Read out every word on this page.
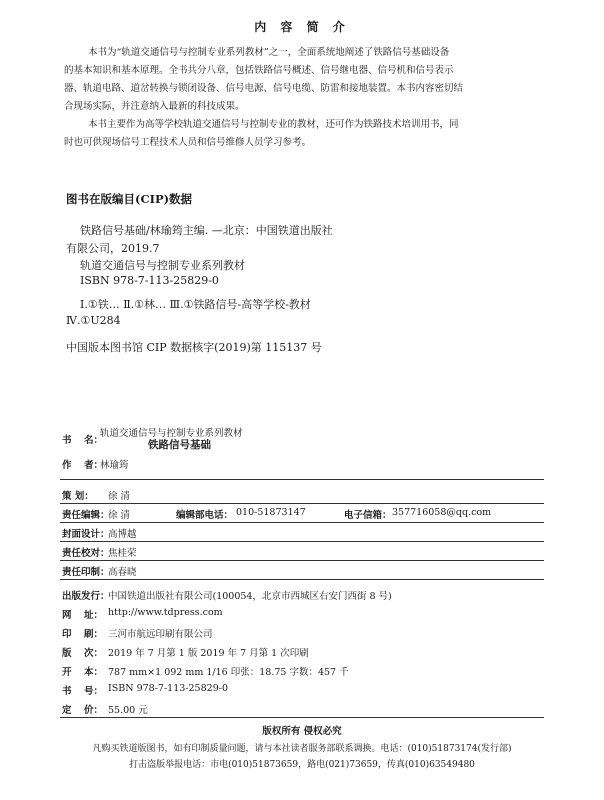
内 容 简 介

本书为“轨道交通信号与控制专业系列教材”之一，全面系统地阐述了铁路信号基础设备

的基本知识和基本原理。全书共分八章，包括铁路信号概述、信号继电器、信号机和信号表示

器、轨道电路、道岔转换与锁闭设备、信号电源、信号电缆、防雷和接地装置。本书内容密切结

合现场实际，并注意纳入最新的科技成果。

本书主要作为高等学校轨道交通信号与控制专业的教材，还可作为铁路技术培训用书，同

时也可供现场信号工程技术人员和信号维修人员学习参考。

图书在版编目(CIP)数据
铁路信号基础/林瑜筠主编. —北京：中国铁道出版社
有限公司，2019.7
轨道交通信号与控制专业系列教材
ISBN 978-7-113-25829-0
Ⅰ.①铁… Ⅱ.①林… Ⅲ.①铁路信号-高等学校-教材
Ⅳ.①U284
中国版本图书馆 CIP 数据核字(2019)第 115137 号
书 名：
轨道交通信号与控制专业系列教材
铁路信号基础
作 者：
林瑜筠
策 划： 徐 清
责任编辑：
徐 清	编辑部电话： 010-51873147	电子信箱： 357716058@qq.com
封面设计：
高博越
责任校对：
焦桂荣
责任印制：
高春晓
出版发行：
中国铁道出版社有限公司(100054，北京市西城区右安门西街 8 号)
网 址： http://www.tdpress.com
印 刷： 三河市航远印刷有限公司
版 次： 2019 年 7 月第 1 版 2019 年 7 月第 1 次印刷
开 本： 787 mm×1 092 mm 1/16 印张：18.75 字数：457 千
书 号： ISBN 978-7-113-25829-0
定 价： 55.00 元
版权所有 侵权必究
凡购买铁道版图书，如有印制质量问题，请与本社读者服务部联系调换。电话：(010)51873174(发行部)
打击盗版举报电话：市电(010)51873659，路电(021)73659，传真(010)63549480
